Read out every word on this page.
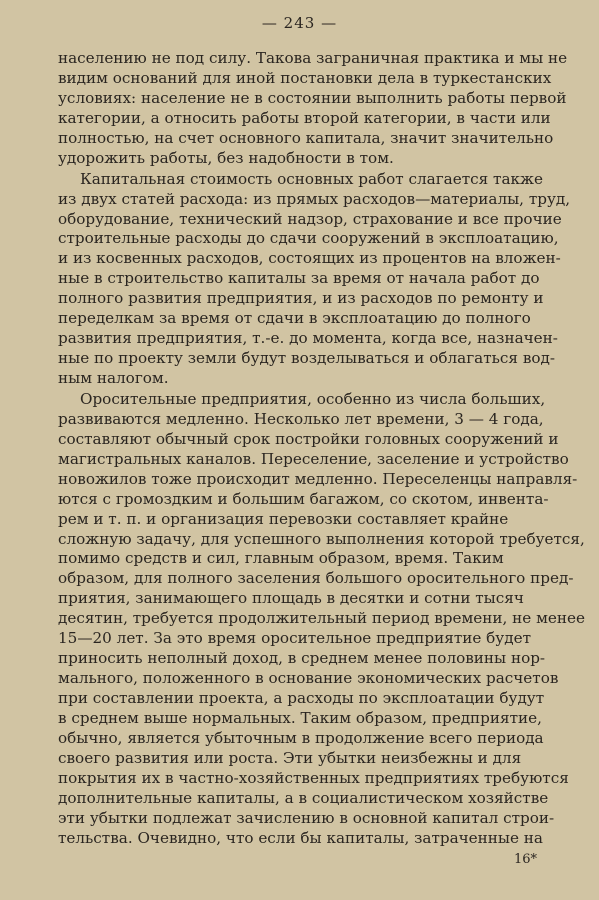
— 243 —
населению не под силу. Такова заграничная практика и мы не
видим оснований для иной постановки дела в туркестанских
условиях: население не в состоянии выполнить работы первой
категории, а относить работы второй категории, в части или
полностью, на счет основного капитала, значит значительно
удорожить работы, без надобности в том.
Капитальная стоимость основных работ слагается также
из двух статей расхода: из прямых расходов—материалы, труд,
оборудование, технический надзор, страхование и все прочие
строительные расходы до сдачи сооружений в эксплоатацию,
и из косвенных расходов, состоящих из процентов на вложен-
ные в строительство капиталы за время от начала работ до
полного развития предприятия, и из расходов по ремонту и
переделкам за время от сдачи в эксплоатацию до полного
развития предприятия, т.-е. до момента, когда все, назначен-
ные по проекту земли будут возделываться и облагаться вод-
ным налогом.
Оросительные предприятия, особенно из числа больших,
развиваются медленно. Несколько лет времени, 3 — 4 года,
составляют обычный срок постройки головных сооружений и
магистральных каналов. Переселение, заселение и устройство
новожилов тоже происходит медленно. Переселенцы направля-
ются с громоздким и большим багажом, со скотом, инвента-
рем и т. п. и организация перевозки составляет крайне
сложную задачу, для успешного выполнения которой требуется,
помимо средств и сил, главным образом, время. Таким
образом, для полного заселения большого оросительного пред-
приятия, занимающего площадь в десятки и сотни тысяч
десятин, требуется продолжительный период времени, не менее
15—20 лет. За это время оросительное предприятие будет
приносить неполный доход, в среднем менее половины нор-
мального, положенного в основание экономических расчетов
при составлении проекта, а расходы по эксплоатации будут
в среднем выше нормальных. Таким образом, предприятие,
обычно, является убыточным в продолжение всего периода
своего развития или роста. Эти убытки неизбежны и для
покрытия их в частно-хозяйственных предприятиях требуются
дополнительные капиталы, а в социалистическом хозяйстве
эти убытки подлежат зачислению в основной капитал строи-
тельства. Очевидно, что если бы капиталы, затраченные на
16*
